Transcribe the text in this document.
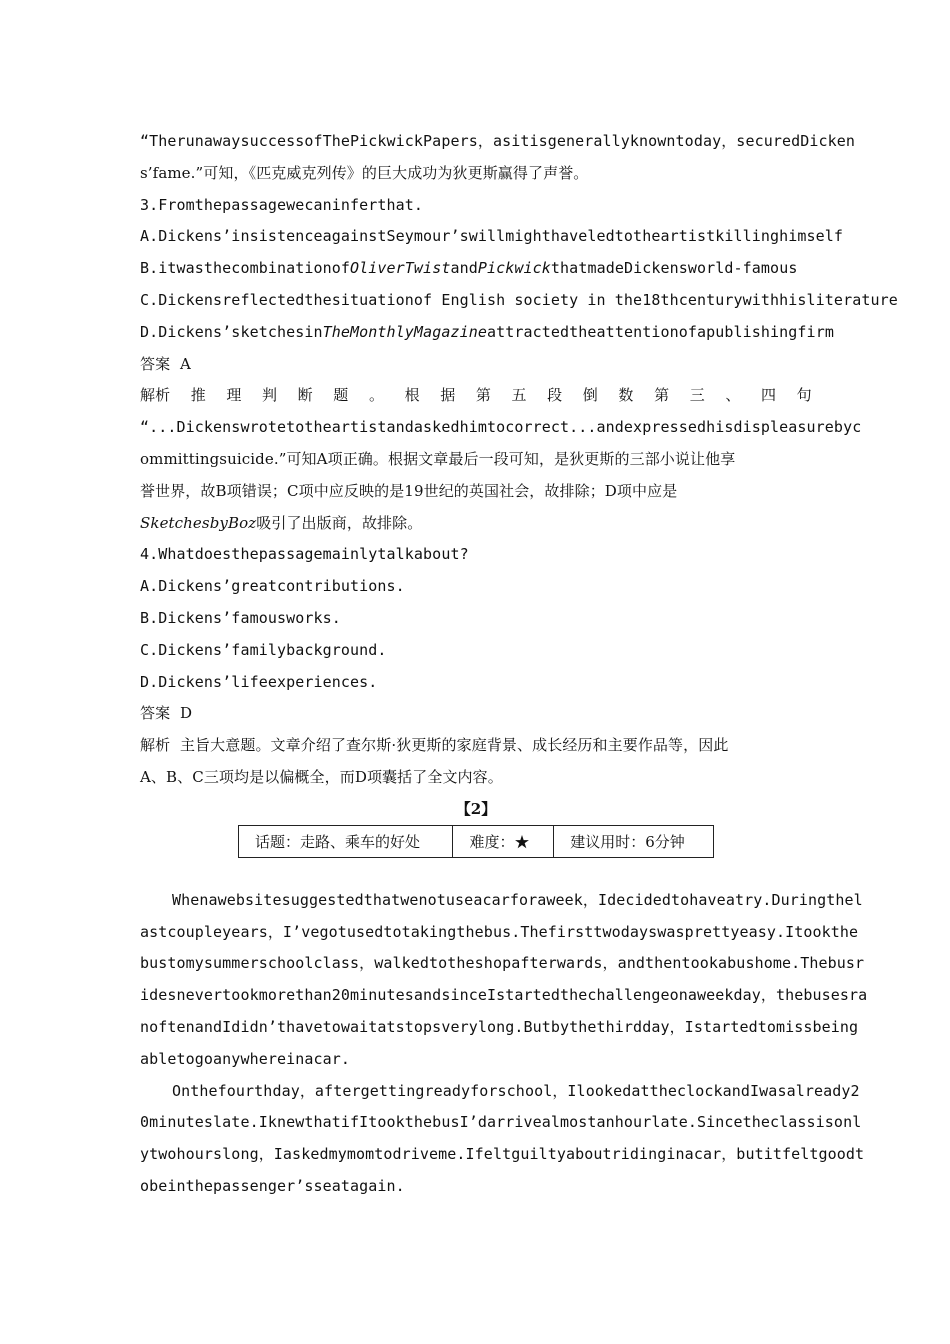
“TherunawaysuccessofThePickwickPapers，asitisgenerallyknowntoday，securedDicken
s’fame.”可知，《匹克威克列传》的巨大成功为狄更斯赢得了声誉。
3.Fromthepassagewecaninferthat.
A.Dickens’insistenceagainstSeymour’swillmighthaveledtotheartistkillinghimself
B.itwasthecombinationofOliverTwistandPickwickthatmadeDickensworld-famous
C.Dickensreflectedthesituationof English society in the18thcenturywithhisliterature
D.Dickens’sketchesinTheMonthlyMagazineattractedtheattentionofapublishingfirm
答案 A
解析 推 理 判 断 题 。 根 据 第 五 段 倒 数 第 三 、 四 句
“...Dickenswrotetotheartistandaskedhimtocorrect...andexpressedhisdispleasurebyc
ommittingsuicide.”可知A项正确。根据文章最后一段可知，是狄更斯的三部小说让他享
誉世界，故B项错误；C项中应反映的是19世纪的英国社会，故排除；D项中应是
SketchesbyBoz吸引了出版商，故排除。
4.Whatdoesthepassagemainlytalkabout?
A.Dickens’greatcontributions.
B.Dickens’famousworks.
C.Dickens’familybackground.
D.Dickens’lifeexperiences.
答案 D
解析 主旨大意题。文章介绍了查尔斯·狄更斯的家庭背景、成长经历和主要作品等，因此
A、B、C三项均是以偏概全，而D项囊括了全文内容。
【2】
话题：走路、乘车的好处	难度：★	建议用时：6分钟
Whenawebsitesuggestedthatwenotuseacarforaweek，Idecidedtohaveatry.Duringthel
astcoupleyears，I’vegotusedtotakingthebus.Thefirsttwodayswasprettyeasy.Itookthe
bustomysummerschoolclass，walkedtotheshopafterwards，andthentookabushome.Thebusr
idesnevertookmorethan20minutesandsinceIstartedthechallengeonaweekday，thebusesra
noftenandIdidn’thavetowaitatstopsverylong.Butbythethirdday，Istartedtomissbeing
abletogoanywhereinacar.
Onthefourthday，aftergettingreadyforschool，IlookedattheclockandIwasalready2
0minuteslate.IknewthatifItookthebusI’darrivealmostanhourlate.Sincetheclassisonl
ytwohourslong，Iaskedmymomtodriveme.Ifeltguiltyaboutridinginacar，butitfeltgoodt
obeinthepassenger’sseatagain.
